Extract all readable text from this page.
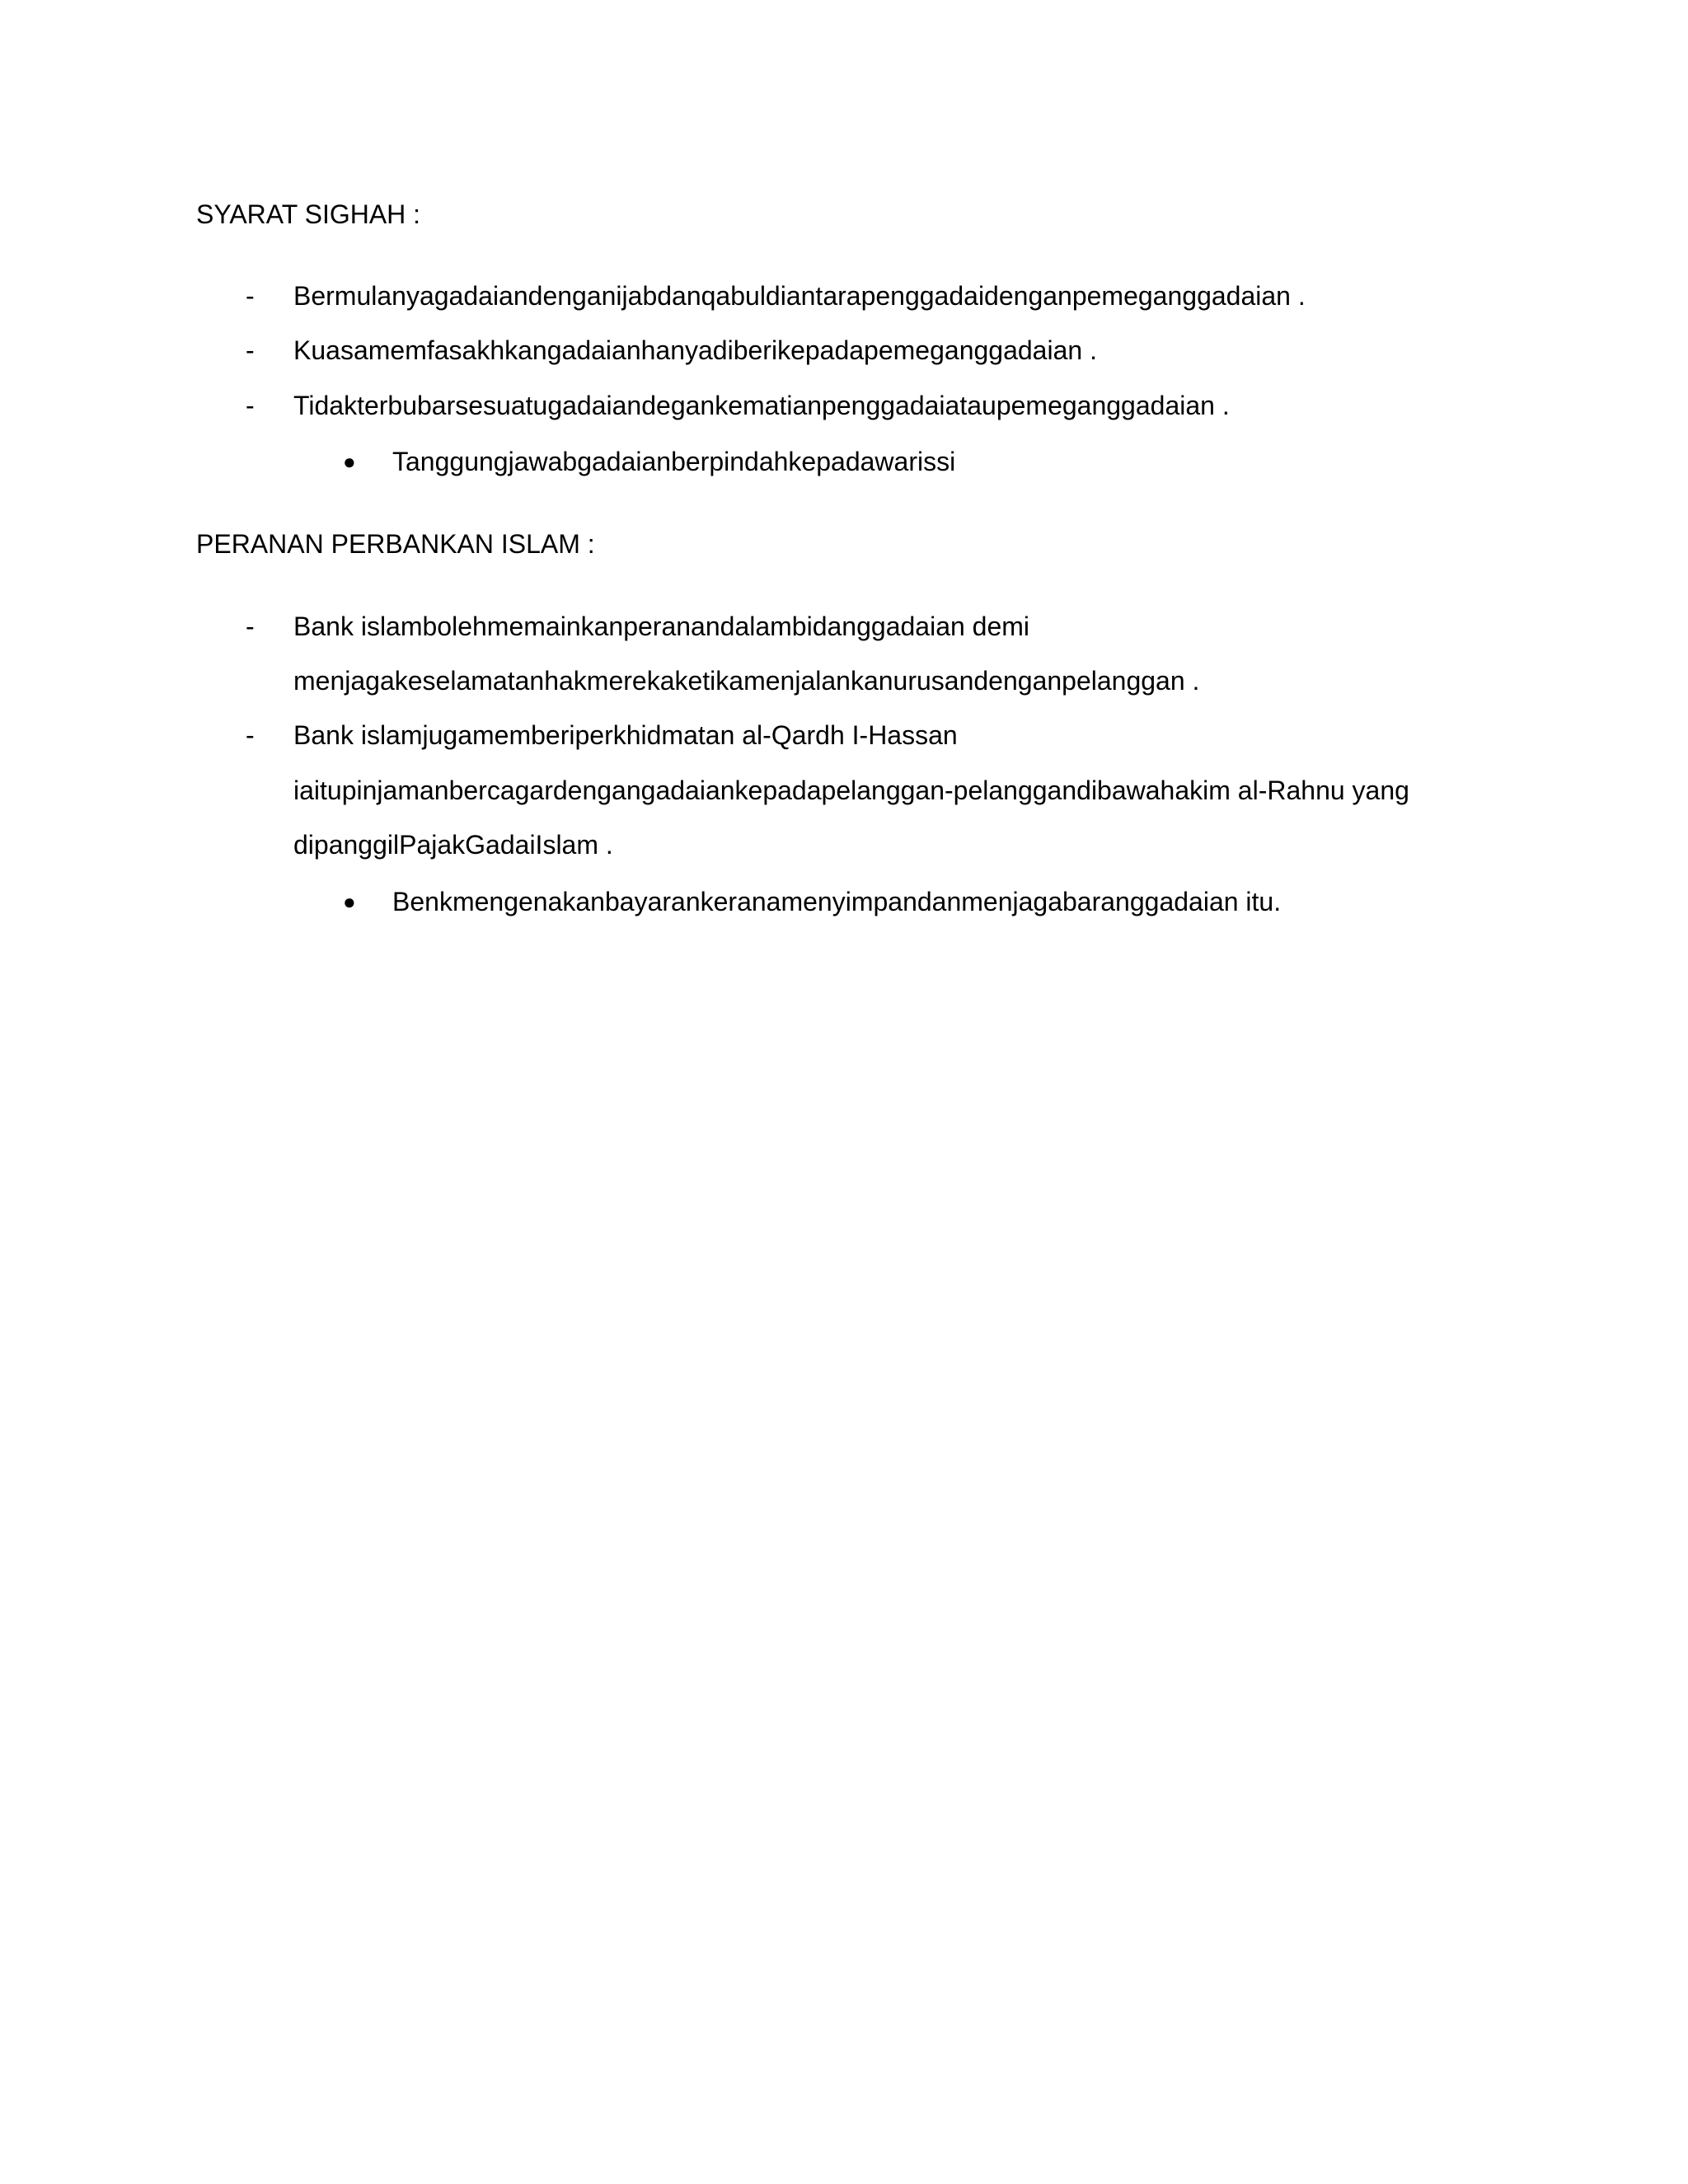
SYARAT SIGHAH :
- Bermulanyagadaiandenganijabdanqabuldiantarapenggadaidenganpemeganggadaian .
- Kuasamemfasakhkangadaianhanyadiberikepadapemeganggadaian .
- Tidakterbubarsesuatugadaiandegankematianpenggadaiataupemeganggadaian .
● Tanggungjawabgadaianberpindahkepadawarissi
PERANAN PERBANKAN ISLAM :
- Bank islambolehmemainkanperanandalambidanggadaian demi
menjagakeselamatanhakmerekaketikamenjalankanurusandenganpelanggan .
- Bank islamjugamemberiperkhidmatan al-Qardh I-Hassan
iaitupinjamanbercagardengangadaiankepadapelanggan-pelanggandibawahakim al-Rahnu yang
dipanggilPajakGadaiIslam .
● Benkmengenakanbayarankeranamenyimpandanmenjagabaranggadaian itu.
